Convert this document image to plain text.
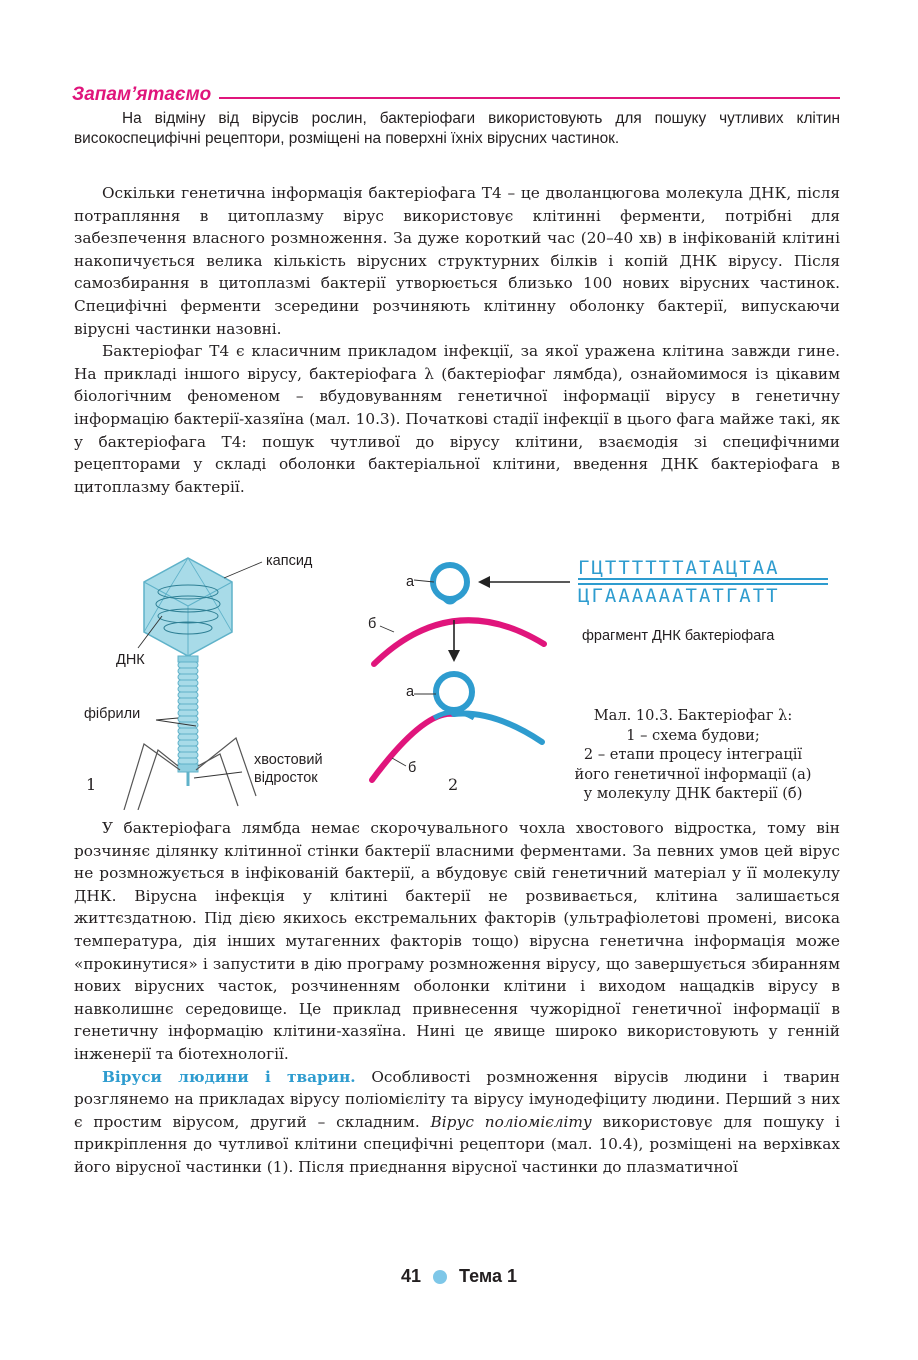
Запам’ятаємо

На відміну від вірусів рослин, бактеріофаги використовують для пошуку чутливих клітин високоспецифічні рецептори, розміщені на поверхні їхніх вірусних частинок.

Оскільки генетична інформація бактеріофага Т4 – це дволанцюгова молекула ДНК, після потрапляння в цитоплазму вірус використовує клітинні ферменти, потрібні для забезпечення власного розмноження. За дуже короткий час (20–40 хв) в інфікованій клітині накопичується велика кількість вірусних структурних білків і копій ДНК вірусу. Після самозбирання в цитоплазмі бактерії утворюється близько 100 нових вірусних частинок. Специфічні ферменти зсередини розчиняють клітинну оболонку бактерії, випускаючи вірусні частинки назовні.

Бактеріофаг Т4 є класичним прикладом інфекції, за якої уражена клітина завжди гине. На прикладі іншого вірусу, бактеріофага λ (бактеріофаг лямбда), ознайомимося із цікавим біологічним феноменом – вбудовуванням генетичної інформації вірусу в генетичну інформацію бактерії-хазяїна (мал. 10.3). Початкові стадії інфекції в цього фага майже такі, як у бактеріофага Т4: пошук чутливої до вірусу клітини, взаємодія зі специфічними рецепторами у складі оболонки бактеріальної клітини, введення ДНК бактеріофага в цитоплазму бактерії.

капсид
ДНК
фібрили
хвостовий
відросток
1
а
б
а
б
2
ГЦТТТТТТАТАЦТАА
ЦГААААААТАТГАТТ
фрагмент ДНК бактеріофага
Мал. 10.3. Бактеріофаг λ:
1 – схема будови;
2 – етапи процесу інтеграції
його генетичної інформації (а)
у молекулу ДНК бактерії (б)

У бактеріофага лямбда немає скорочувального чохла хвостового відростка, тому він розчиняє ділянку клітинної стінки бактерії власними ферментами. За певних умов цей вірус не розмножується в інфікованій бактерії, а вбудовує свій генетичний матеріал у її молекулу ДНК. Вірусна інфекція у клітині бактерії не розвивається, клітина залишається життєздатною. Під дією якихось екстремальних факторів (ультрафіолетові промені, висока температура, дія інших мутагенних факторів тощо) вірусна генетична інформація може «прокинутися» і запустити в дію програму розмноження вірусу, що завершується збиранням нових вірусних часток, розчиненням оболонки клітини і виходом нащадків вірусу в навколишнє середовище. Це приклад привнесення чужорідної генетичної інформації в генетичну інформацію клітини-хазяїна. Нині це явище широко використовують у генній інженерії та біотехнології.

Віруси людини і тварин. Особливості розмноження вірусів людини і тварин розглянемо на прикладах вірусу поліомієліту та вірусу імунодефіциту людини. Перший з них є простим вірусом, другий – складним. Вірус поліомієліту використовує для пошуку і прикріплення до чутливої клітини специфічні рецептори (мал. 10.4), розміщені на верхівках його вірусної частинки (1). Після приєднання вірусної частинки до плазматичної

41 Тема 1
